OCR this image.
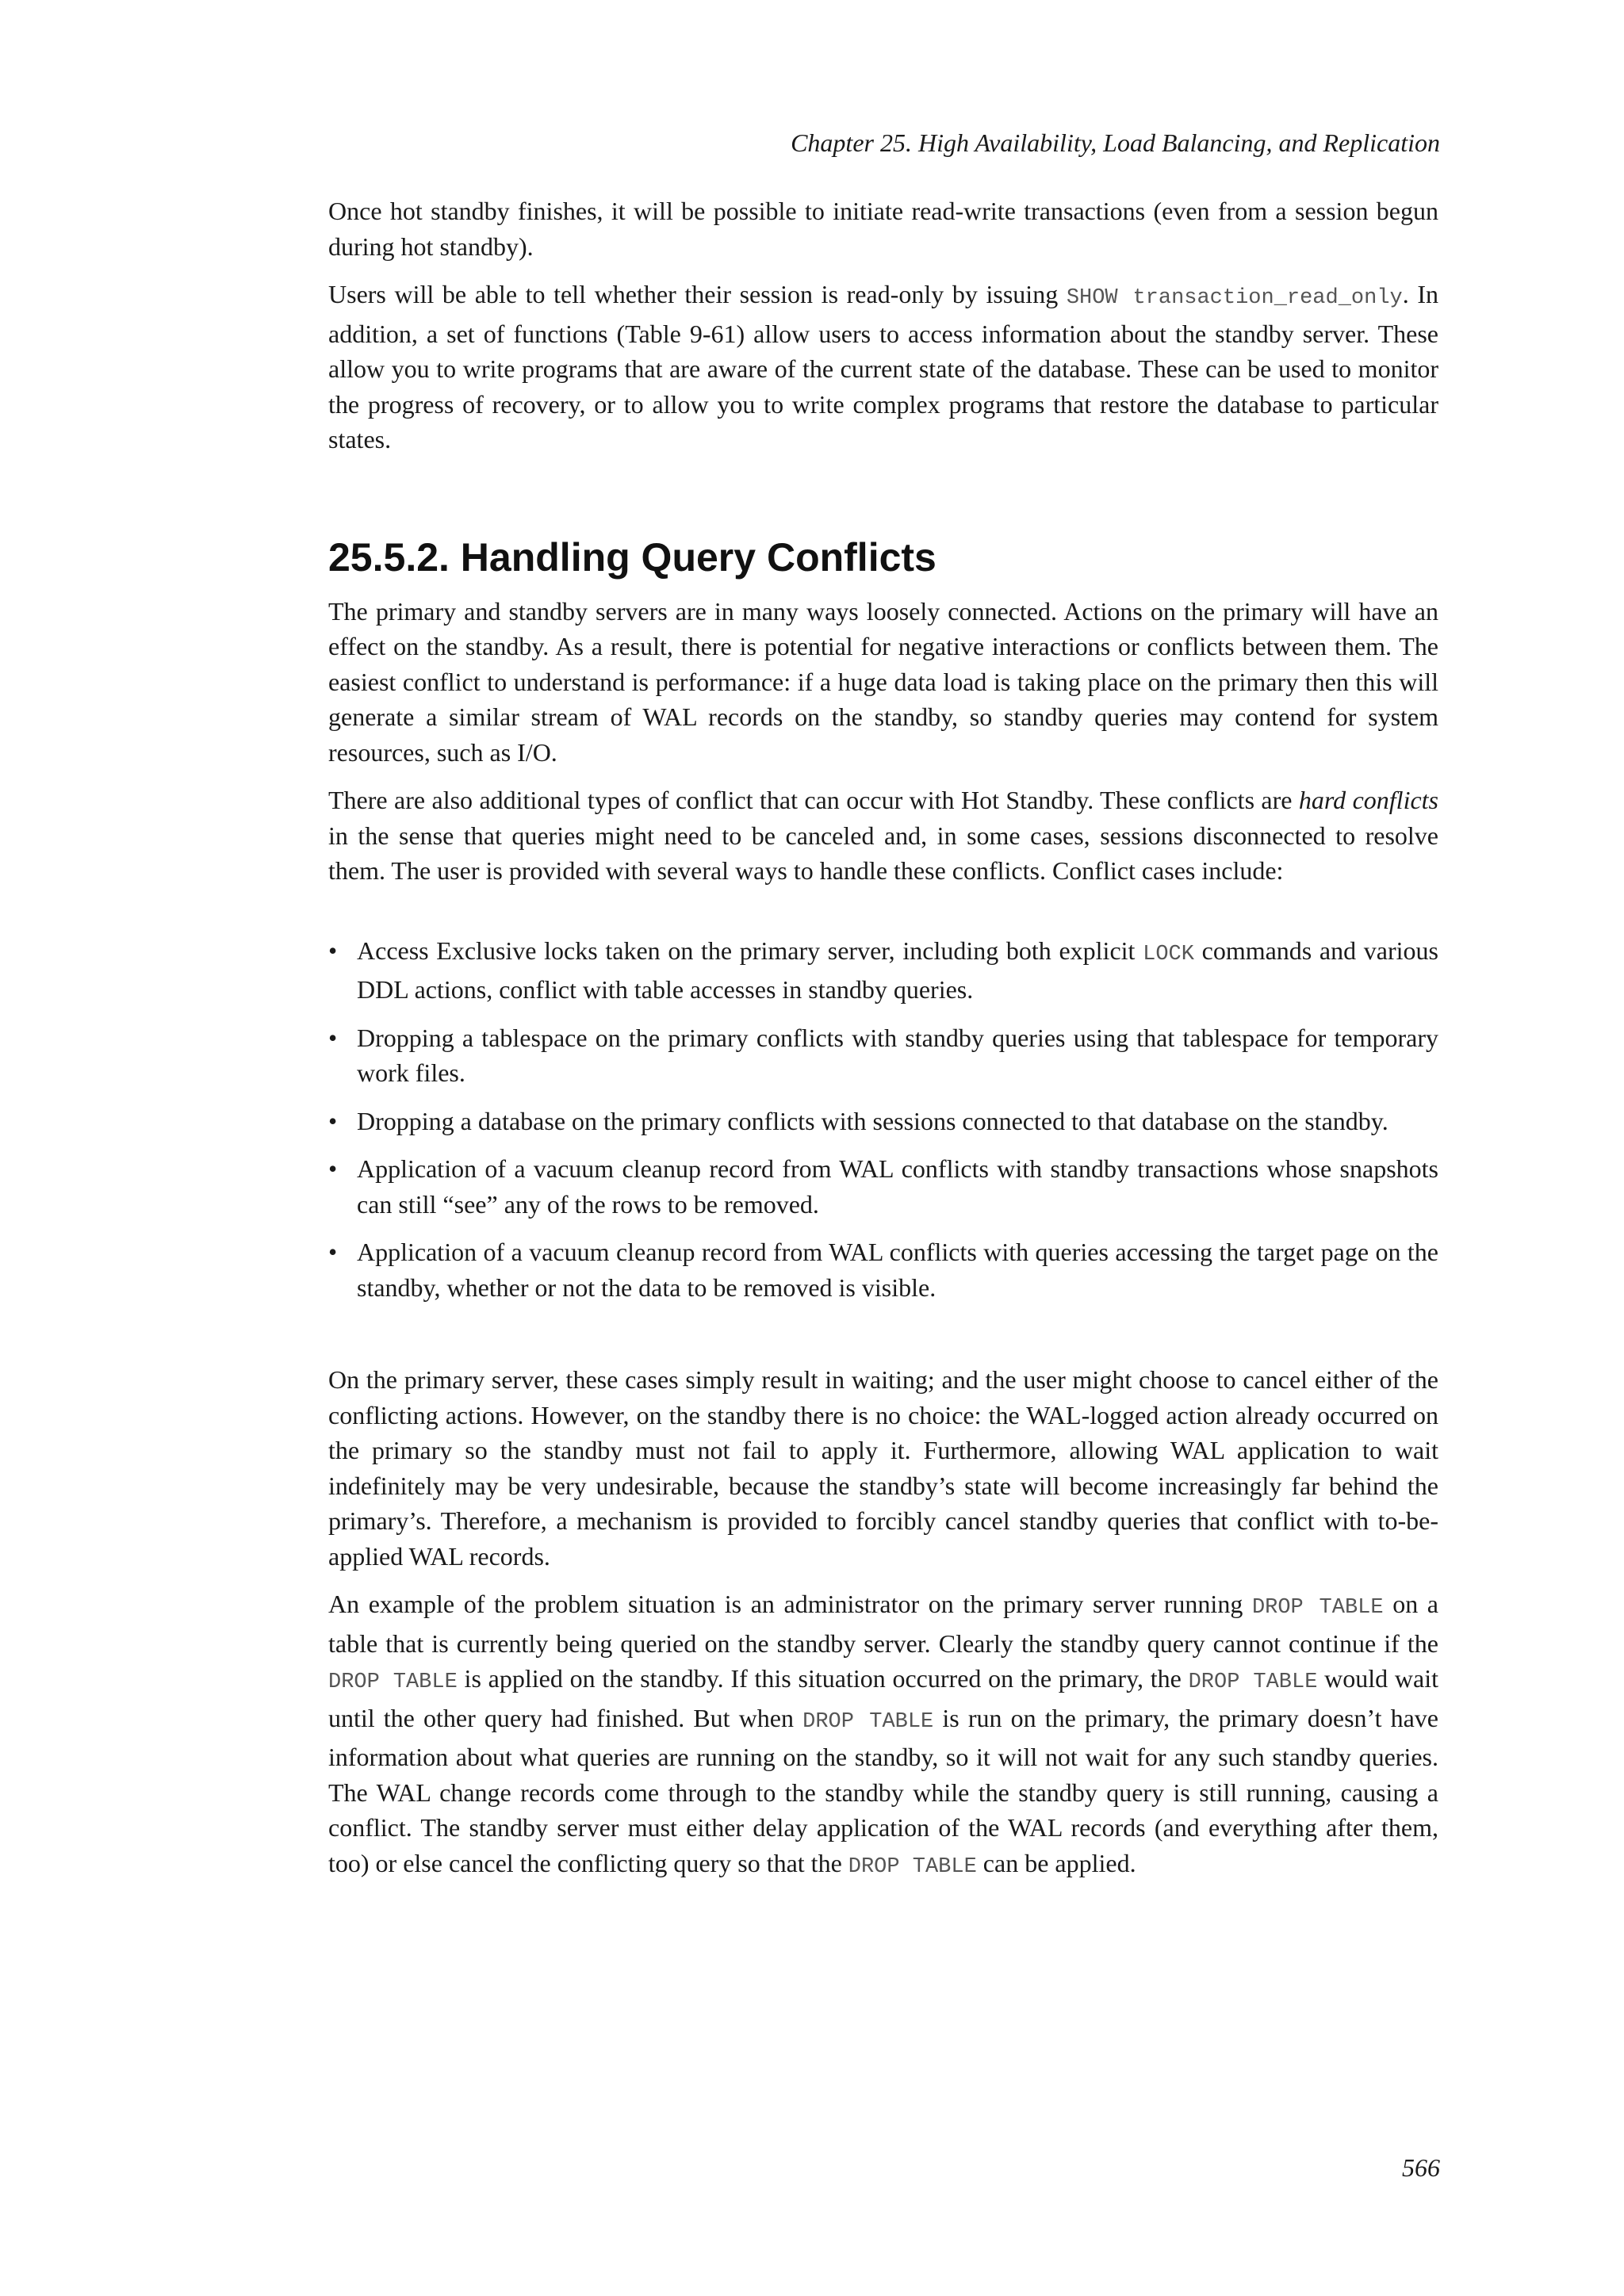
Chapter 25. High Availability, Load Balancing, and Replication

Once hot standby finishes, it will be possible to initiate read-write transactions (even from a session begun during hot standby).

Users will be able to tell whether their session is read-only by issuing SHOW transaction_read_only. In addition, a set of functions (Table 9-61) allow users to access information about the standby server. These allow you to write programs that are aware of the current state of the database. These can be used to monitor the progress of recovery, or to allow you to write complex programs that restore the database to particular states.

25.5.2. Handling Query Conflicts

The primary and standby servers are in many ways loosely connected. Actions on the primary will have an effect on the standby. As a result, there is potential for negative interactions or conflicts between them. The easiest conflict to understand is performance: if a huge data load is taking place on the primary then this will generate a similar stream of WAL records on the standby, so standby queries may contend for system resources, such as I/O.

There are also additional types of conflict that can occur with Hot Standby. These conflicts are hard conflicts in the sense that queries might need to be canceled and, in some cases, sessions disconnected to resolve them. The user is provided with several ways to handle these conflicts. Conflict cases include:

• Access Exclusive locks taken on the primary server, including both explicit LOCK commands and various DDL actions, conflict with table accesses in standby queries.
• Dropping a tablespace on the primary conflicts with standby queries using that tablespace for temporary work files.
• Dropping a database on the primary conflicts with sessions connected to that database on the standby.
• Application of a vacuum cleanup record from WAL conflicts with standby transactions whose snapshots can still “see” any of the rows to be removed.
• Application of a vacuum cleanup record from WAL conflicts with queries accessing the target page on the standby, whether or not the data to be removed is visible.

On the primary server, these cases simply result in waiting; and the user might choose to cancel either of the conflicting actions. However, on the standby there is no choice: the WAL-logged action already occurred on the primary so the standby must not fail to apply it. Furthermore, allowing WAL application to wait indefinitely may be very undesirable, because the standby’s state will become increasingly far behind the primary’s. Therefore, a mechanism is provided to forcibly cancel standby queries that conflict with to-be-applied WAL records.

An example of the problem situation is an administrator on the primary server running DROP TABLE on a table that is currently being queried on the standby server. Clearly the standby query cannot continue if the DROP TABLE is applied on the standby. If this situation occurred on the primary, the DROP TABLE would wait until the other query had finished. But when DROP TABLE is run on the primary, the primary doesn’t have information about what queries are running on the standby, so it will not wait for any such standby queries. The WAL change records come through to the standby while the standby query is still running, causing a conflict. The standby server must either delay application of the WAL records (and everything after them, too) or else cancel the conflicting query so that the DROP TABLE can be applied.

566
